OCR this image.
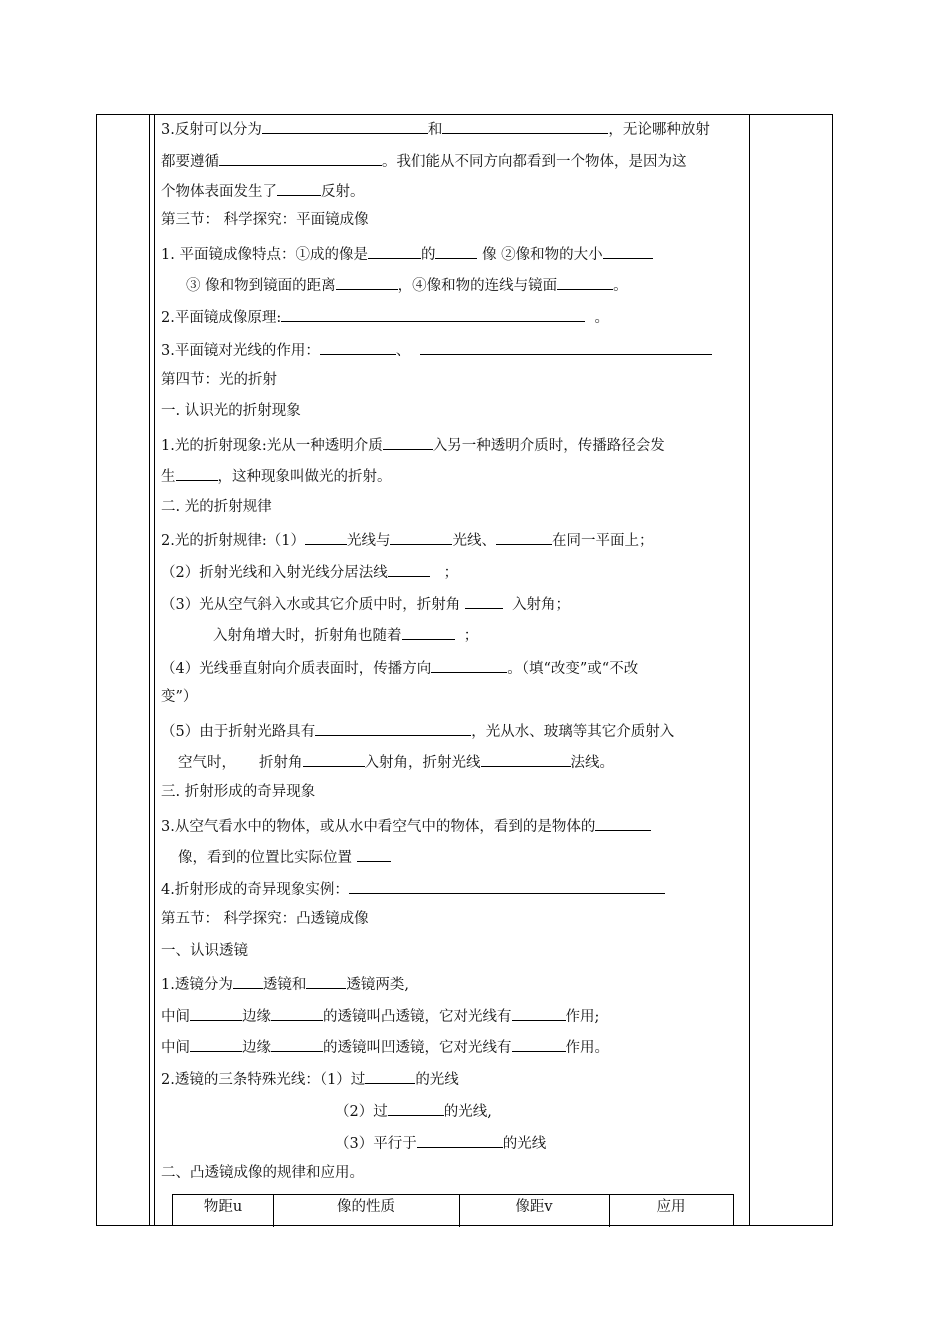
3.反射可以分为	和	，无论哪种放射
都要遵循	。我们能从不同方向都看到一个物体，是因为这
个物体表面发生了	反射。
第三节： 科学探究：平面镜成像
1. 平面镜成像特点：①成的像是	的	像 ②像和物的大小
③ 像和物到镜面的距离	，④像和物的连线与镜面	。
2.平面镜成像原理:	。
3.平面镜对光线的作用：	、
第四节：光的折射
一. 认识光的折射现象
1.光的折射现象:光从一种透明介质	入另一种透明介质时，传播路径会发
生	，这种现象叫做光的折射。
二. 光的折射规律
2.光的折射规律:（1）	光线与	光线、	在同一平面上；
（2）折射光线和入射光线分居法线	；
（3）光从空气斜入水或其它介质中时，折射角	入射角；
入射角增大时，折射角也随着	；
（4）光线垂直射向介质表面时，传播方向	。（填“改变”或“不改
变”）
（5）由于折射光路具有	，光从水、玻璃等其它介质射入
空气时， 折射角	入射角，折射光线	法线。
三. 折射形成的奇异现象
3.从空气看水中的物体，或从水中看空气中的物体，看到的是物体的
像，看到的位置比实际位置
4.折射形成的奇异现象实例：
第五节： 科学探究：凸透镜成像
一、认识透镜
1.透镜分为 透镜和	透镜两类,
中间	边缘	的透镜叫凸透镜，它对光线有	作用;
中间	边缘	的透镜叫凹透镜，它对光线有	作用。
2.透镜的三条特殊光线：（1）过	的光线
（2）过	的光线,
（3）平行于	的光线
二、凸透镜成像的规律和应用。
物距u	像的性质	像距v	应用
